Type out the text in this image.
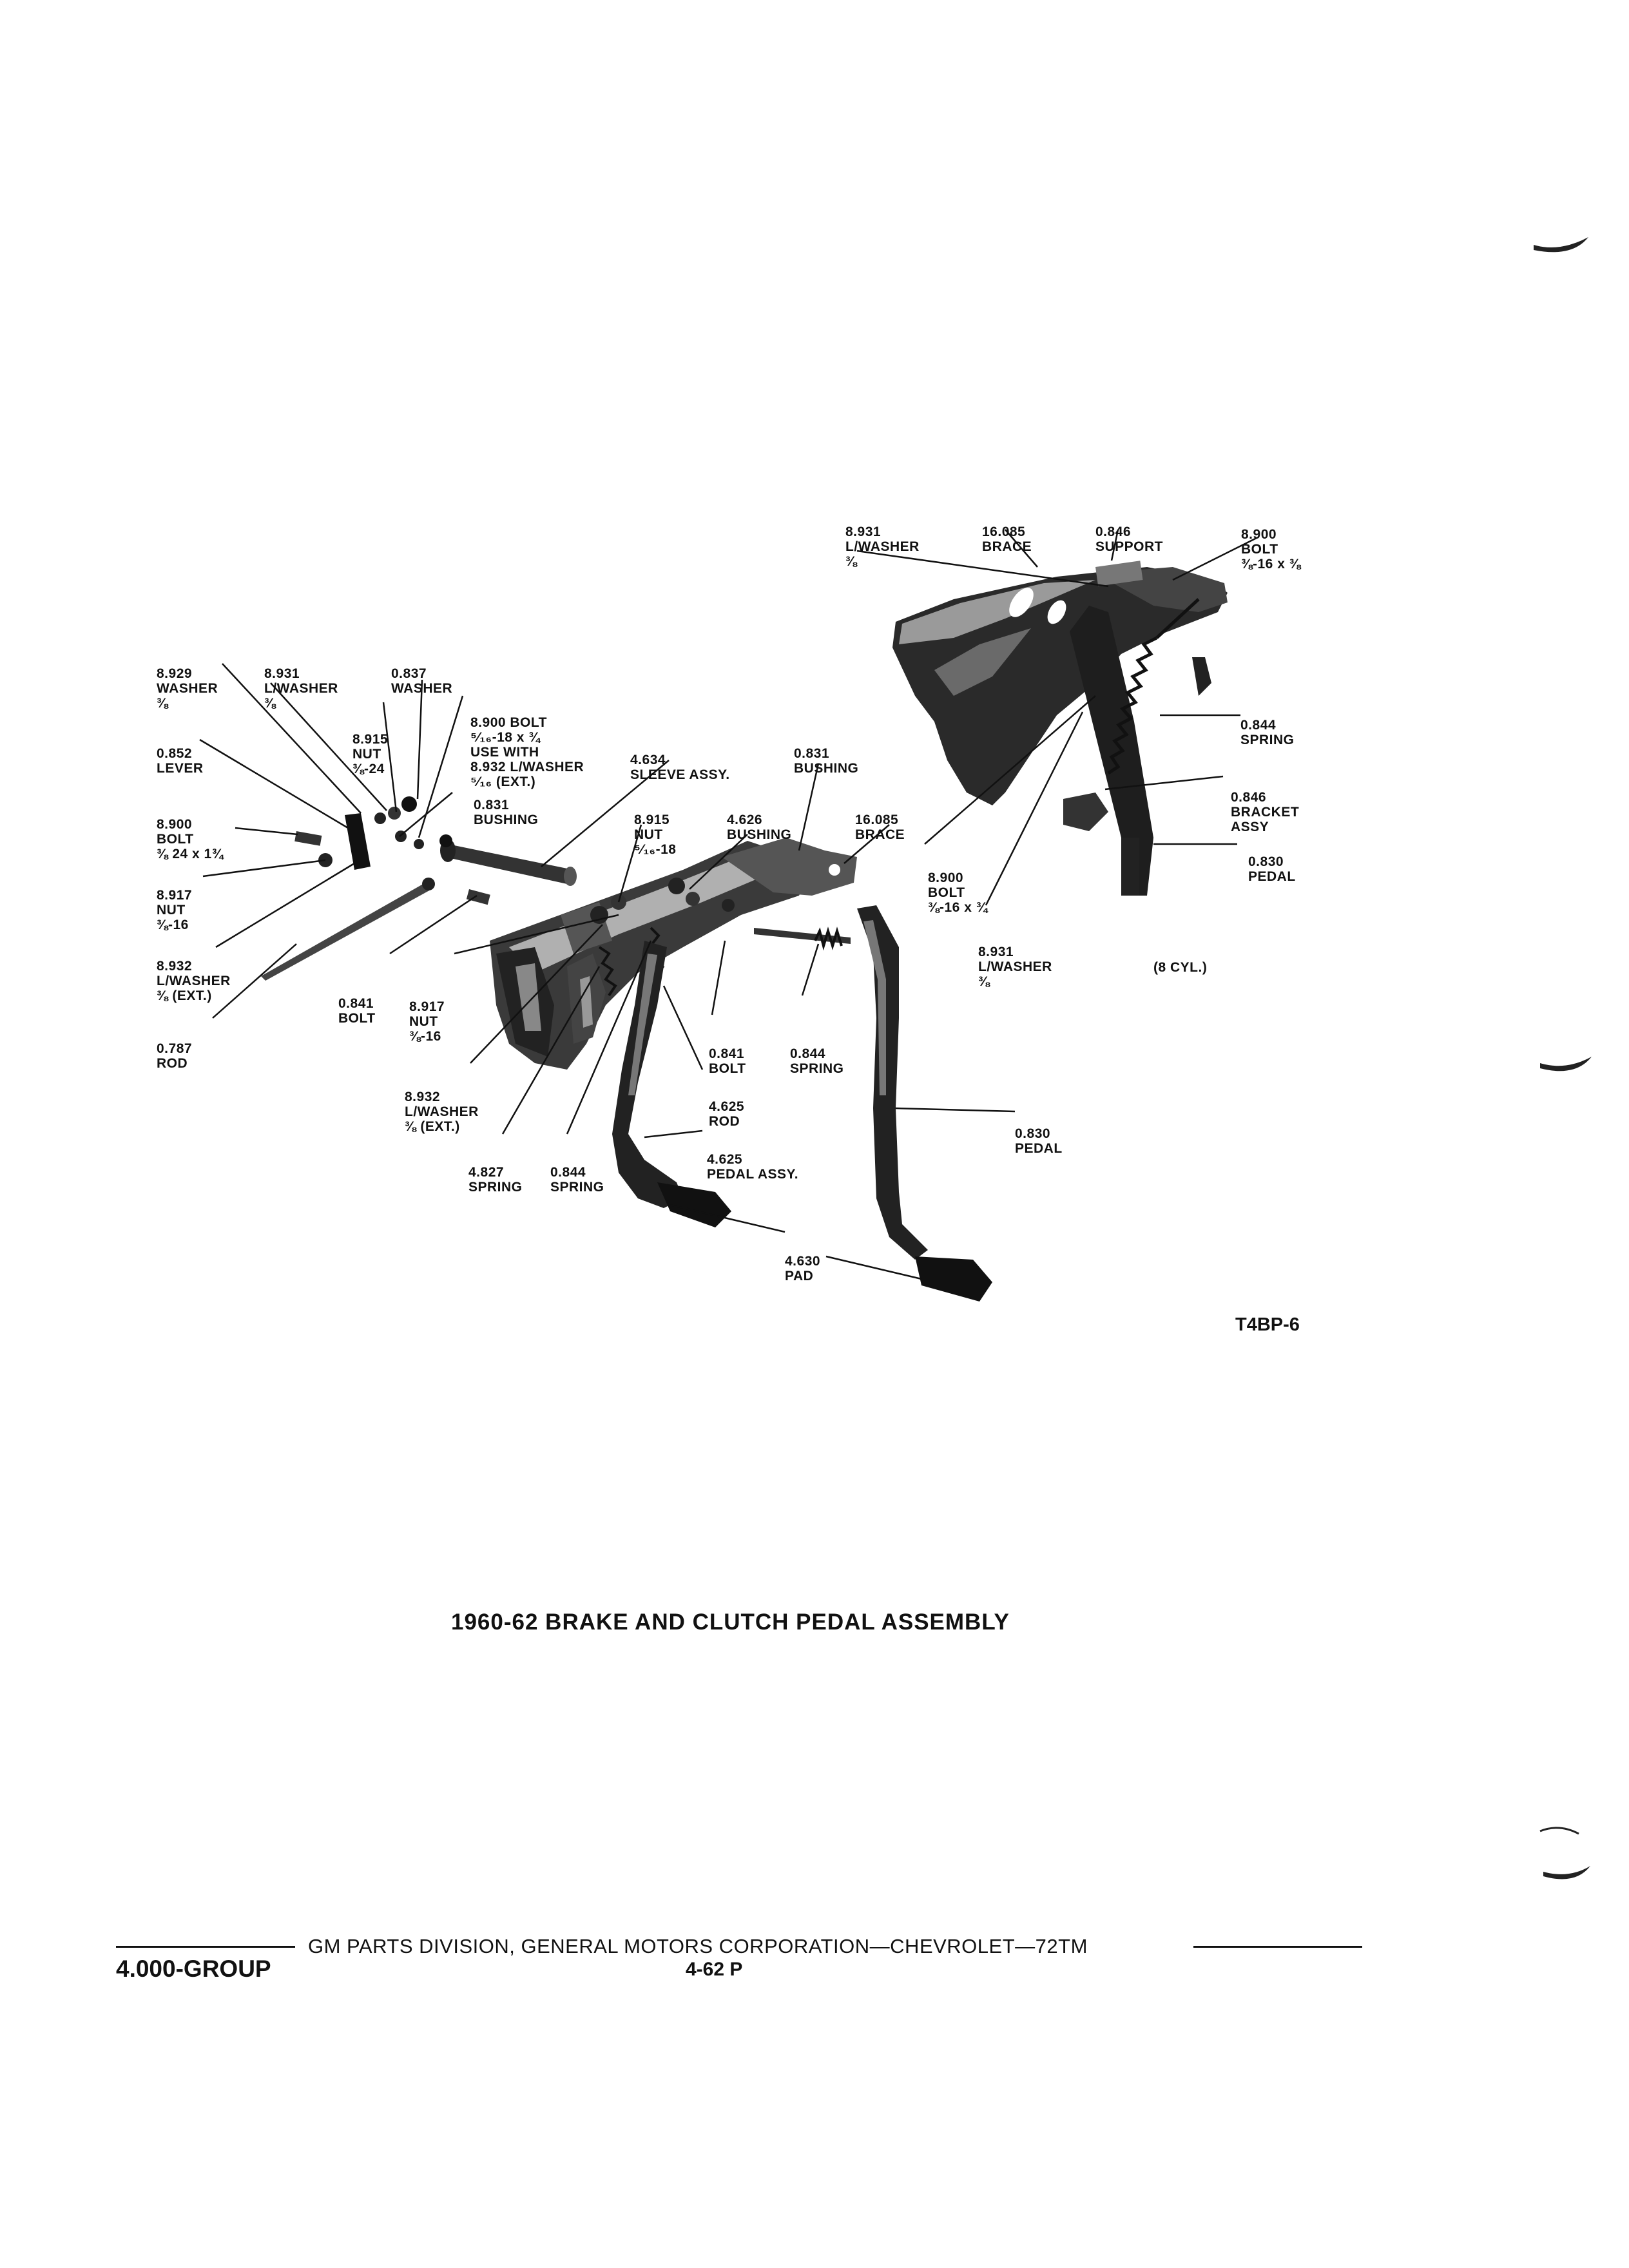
8.931
L/WASHER
⅜

16.085
BRACE

0.846
SUPPORT

8.900
BOLT
⅜-16 x ⅜

8.929
WASHER
⅜

8.931
L/WASHER
⅜

0.837
WASHER

8.900 BOLT
⁵⁄₁₆-18 x ¾
USE WITH
8.932 L/WASHER
⁵⁄₁₆ (EXT.)

8.915
NUT
⅜-24

0.852
LEVER

4.634
SLEEVE ASSY.

0.831
BUSHING

0.831
BUSHING

0.844
SPRING

0.846
BRACKET
ASSY

0.830
PEDAL

8.900
BOLT
⅜ 24 x 1¾

8.915
NUT
⁵⁄₁₆-18

4.626
BUSHING

16.085
BRACE

8.900
BOLT
⅜-16 x ¾

8.917
NUT
⅜-16

8.931
L/WASHER
⅜

(8 CYL.)

8.932
L/WASHER
⅜ (EXT.)

0.841
BOLT

8.917
NUT
⅜-16

0.787
ROD

0.841
BOLT

0.844
SPRING

8.932
L/WASHER
⅜ (EXT.)

4.625
ROD

0.830
PEDAL

4.827
SPRING

0.844
SPRING

4.625
PEDAL ASSY.

4.630
PAD

T4BP-6
1960-62 BRAKE AND CLUTCH PEDAL ASSEMBLY
GM PARTS DIVISION, GENERAL MOTORS CORPORATION—CHEVROLET—72TM
4.000-GROUP	4-62 P
